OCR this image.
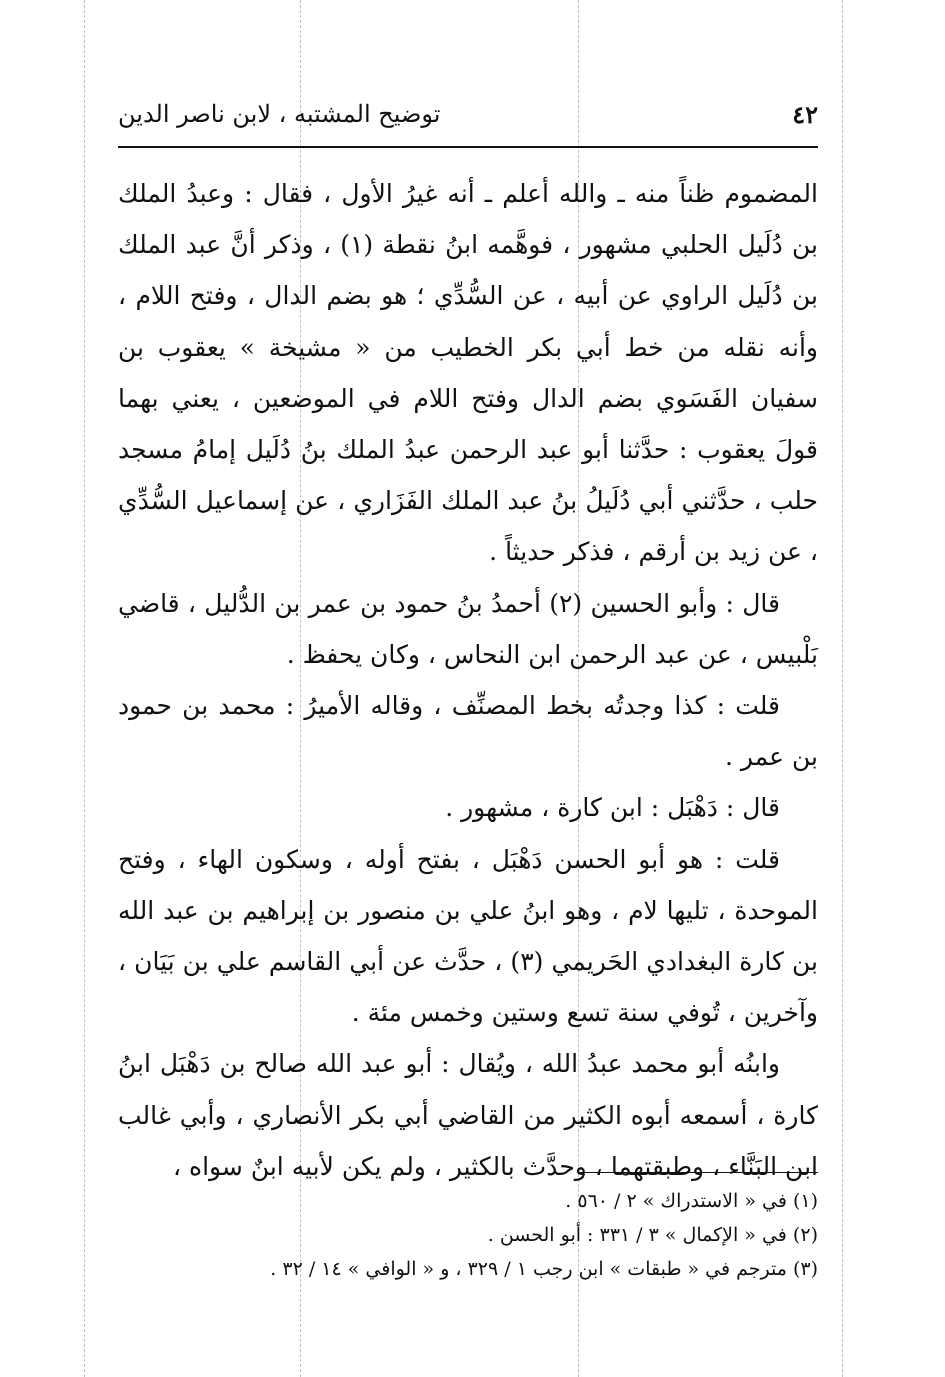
٤٢
توضيح المشتبه ، لابن ناصر الدين

المضموم ظناً منه ـ والله أعلم ـ أنه غيرُ الأول ، فقال : وعبدُ الملك بن دُلَيل الحلبي مشهور ، فوهَّمه ابنُ نقطة (١) ، وذكر أنَّ عبد الملك بن دُلَيل الراوي عن أبيه ، عن السُّدِّي ؛ هو بضم الدال ، وفتح اللام ، وأنه نقله من خط أبي بكر الخطيب من « مشيخة » يعقوب بن سفيان الفَسَوي بضم الدال وفتح اللام في الموضعين ، يعني بهما قولَ يعقوب : حدَّثنا أبو عبد الرحمن عبدُ الملك بنُ دُلَيل إمامُ مسجد حلب ، حدَّثني أبي دُلَيلُ بنُ عبد الملك الفَزَاري ، عن إسماعيل السُّدِّي ، عن زيد بن أرقم ، فذكر حديثاً .

قال : وأبو الحسين (٢) أحمدُ بنُ حمود بن عمر بن الدُّليل ، قاضي بَلْبيس ، عن عبد الرحمن ابن النحاس ، وكان يحفظ .

قلت : كذا وجدتُه بخط المصنِّف ، وقاله الأميرُ : محمد بن حمود بن عمر .

قال : دَهْبَل : ابن كارة ، مشهور .

قلت : هو أبو الحسن دَهْبَل ، بفتح أوله ، وسكون الهاء ، وفتح الموحدة ، تليها لام ، وهو ابنُ علي بن منصور بن إبراهيم بن عبد الله بن كارة البغدادي الحَريمي (٣) ، حدَّث عن أبي القاسم علي بن بَيَان ، وآخرين ، تُوفي سنة تسع وستين وخمس مئة .

وابنُه أبو محمد عبدُ الله ، ويُقال : أبو عبد الله صالح بن دَهْبَل ابنُ كارة ، أسمعه أبوه الكثير من القاضي أبي بكر الأنصاري ، وأبي غالب ابن البَنَّاء ، وطبقتهما ، وحدَّث بالكثير ، ولم يكن لأبيه ابنٌ سواه ،

(١) في « الاستدراك » ٢ / ٥٦٠ .

(٢) في « الإكمال » ٣ / ٣٣١ : أبو الحسن .

(٣) مترجم في « طبقات » ابن رجب ١ / ٣٢٩ ، و « الوافي » ١٤ / ٣٢ .
